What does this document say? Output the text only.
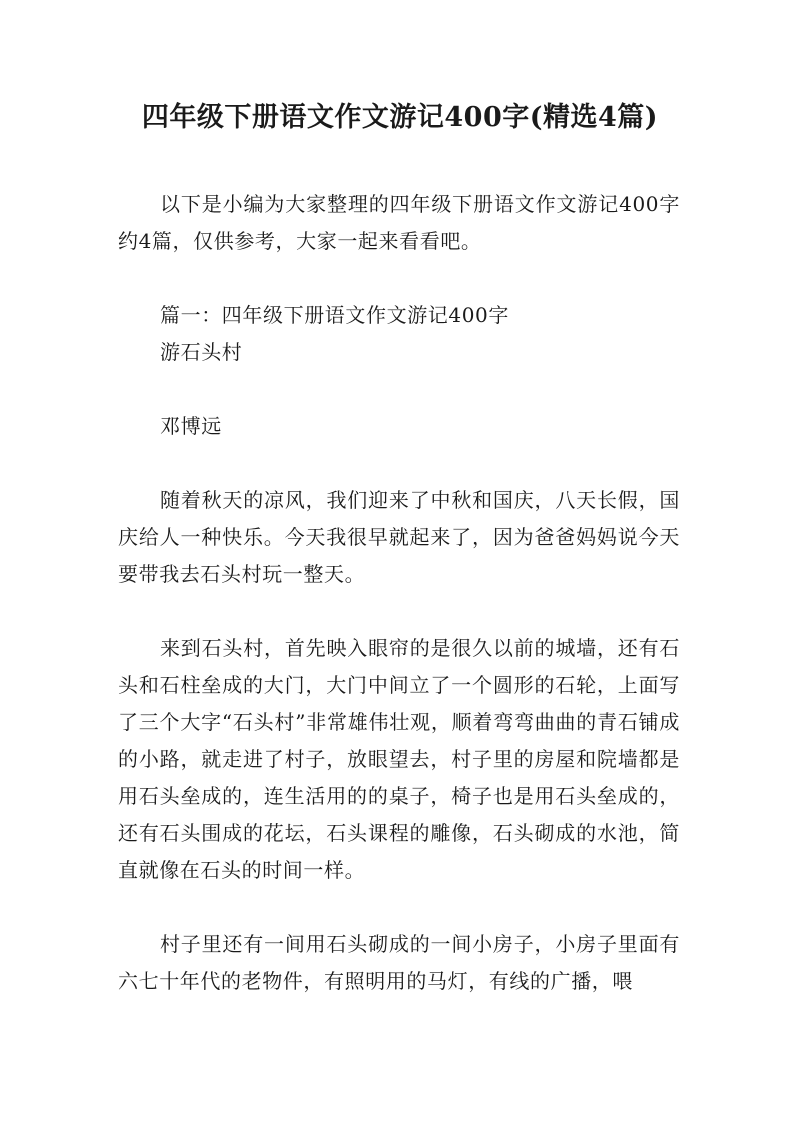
四年级下册语文作文游记400字(精选4篇)

以下是小编为大家整理的四年级下册语文作文游记400字约4篇，仅供参考，大家一起来看看吧。

篇一：四年级下册语文作文游记400字
游石头村
邓博远

随着秋天的凉风，我们迎来了中秋和国庆，八天长假，国庆给人一种快乐。今天我很早就起来了，因为爸爸妈妈说今天要带我去石头村玩一整天。

来到石头村，首先映入眼帘的是很久以前的城墙，还有石头和石柱垒成的大门，大门中间立了一个圆形的石轮，上面写了三个大字“石头村”非常雄伟壮观，顺着弯弯曲曲的青石铺成的小路，就走进了村子，放眼望去，村子里的房屋和院墙都是用石头垒成的，连生活用的的桌子，椅子也是用石头垒成的，还有石头围成的花坛，石头课程的雕像，石头砌成的水池，简直就像在石头的时间一样。

村子里还有一间用石头砌成的一间小房子，小房子里面有六七十年代的老物件，有照明用的马灯，有线的广播，喂
